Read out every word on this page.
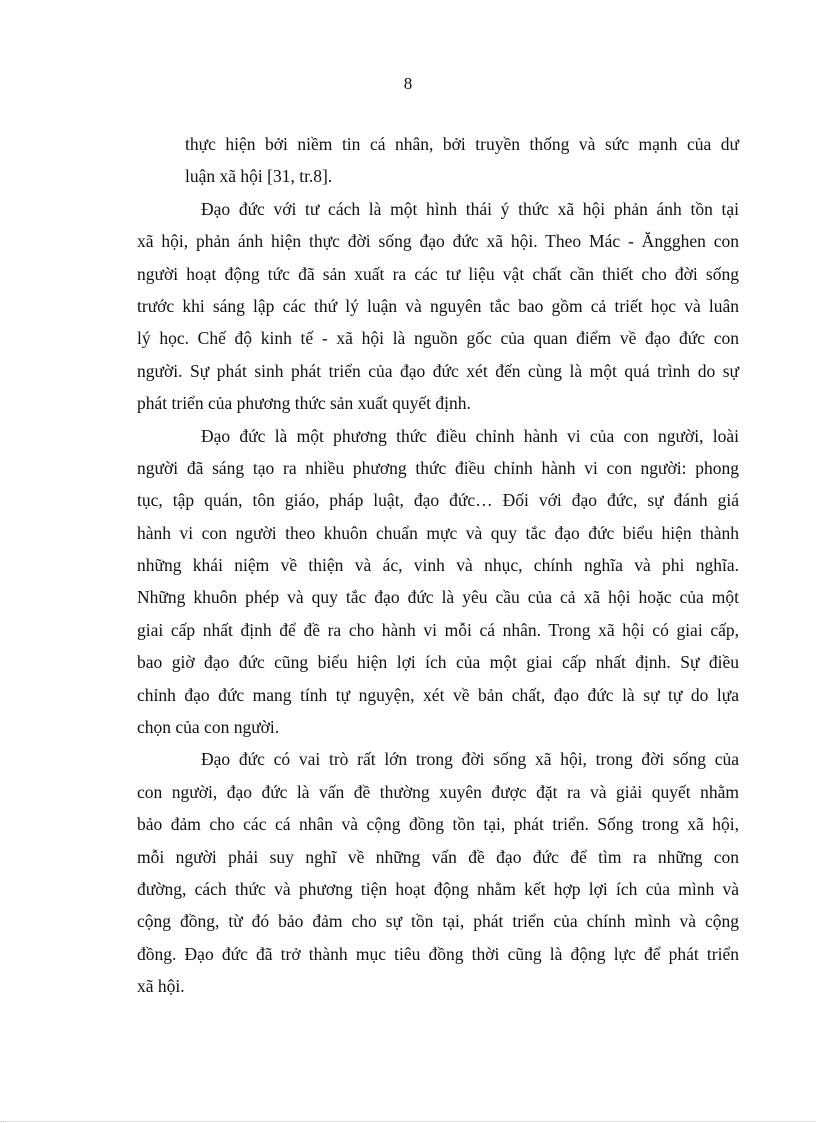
8
thực hiện bởi niềm tin cá nhân, bởi truyền thống và sức mạnh của dư
luận xã hội [31, tr.8].
Đạo đức với tư cách là một hình thái ý thức xã hội phản ánh tồn tại
xã hội, phản ánh hiện thực đời sống đạo đức xã hội. Theo Mác - Ăngghen con
người hoạt động tức đã sản xuất ra các tư liệu vật chất cần thiết cho đời sống
trước khi sáng lập các thứ lý luận và nguyên tắc bao gồm cả triết học và luân
lý học. Chế độ kinh tế - xã hội là nguồn gốc của quan điểm về đạo đức con
người. Sự phát sinh phát triển của đạo đức xét đến cùng là một quá trình do sự
phát triển của phương thức sản xuất quyết định.
Đạo đức là một phương thức điều chỉnh hành vi của con người, loài
người đã sáng tạo ra nhiều phương thức điều chỉnh hành vi con người: phong
tục, tập quán, tôn giáo, pháp luật, đạo đức… Đối với đạo đức, sự đánh giá
hành vi con người theo khuôn chuẩn mực và quy tắc đạo đức biểu hiện thành
những khái niệm về thiện và ác, vinh và nhục, chính nghĩa và phi nghĩa.
Những khuôn phép và quy tắc đạo đức là yêu cầu của cả xã hội hoặc của một
giai cấp nhất định để đề ra cho hành vi mỗi cá nhân. Trong xã hội có giai cấp,
bao giờ đạo đức cũng biểu hiện lợi ích của một giai cấp nhất định. Sự điều
chỉnh đạo đức mang tính tự nguyện, xét về bản chất, đạo đức là sự tự do lựa
chọn của con người.
Đạo đức có vai trò rất lớn trong đời sống xã hội, trong đời sống của
con người, đạo đức là vấn đề thường xuyên được đặt ra và giải quyết nhằm
bảo đảm cho các cá nhân và cộng đồng tồn tại, phát triển. Sống trong xã hội,
mỗi người phải suy nghĩ về những vấn đề đạo đức để tìm ra những con
đường, cách thức và phương tiện hoạt động nhằm kết hợp lợi ích của mình và
cộng đồng, từ đó bảo đảm cho sự tồn tại, phát triển của chính mình và cộng
đồng. Đạo đức đã trở thành mục tiêu đồng thời cũng là động lực để phát triển
xã hội.
